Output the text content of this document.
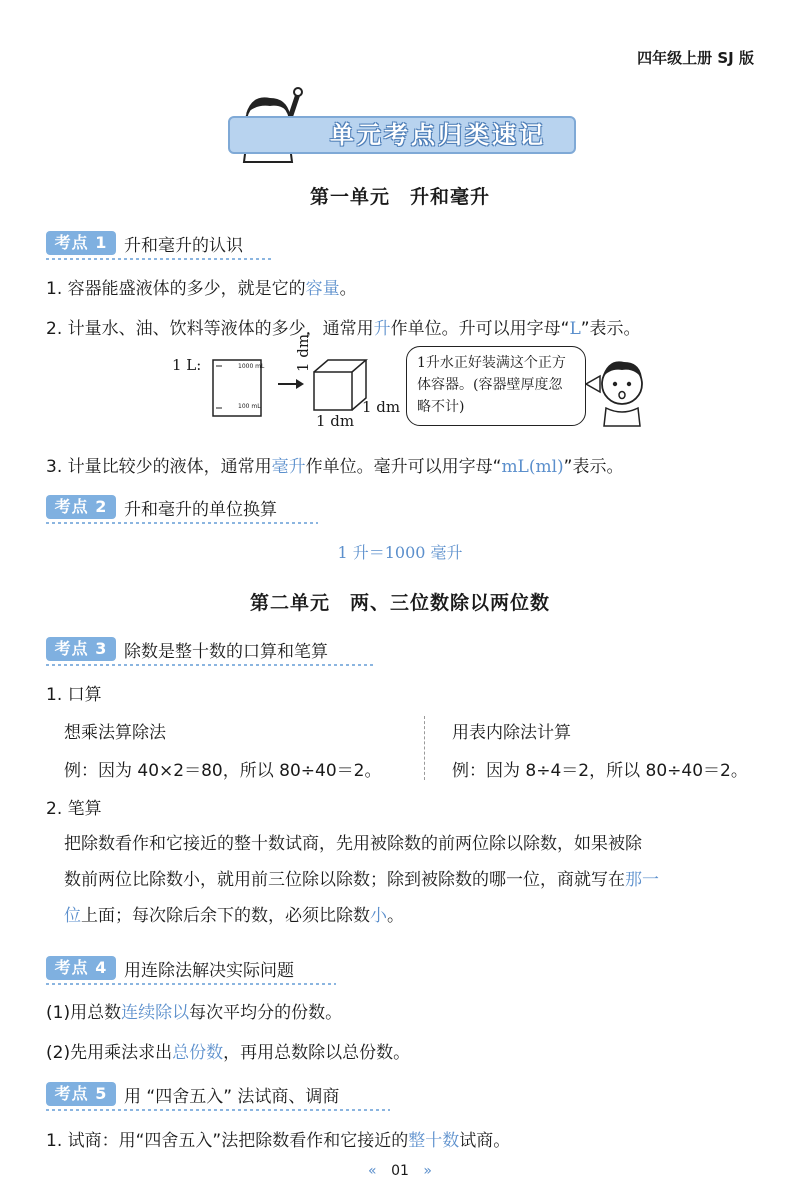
四年级上册 SJ 版
单元考点归类速记
第一单元　升和毫升
考点 1 升和毫升的认识
1. 容器能盛液体的多少，就是它的容量。
2. 计量水、油、饮料等液体的多少，通常用升作单位。升可以用字母“L”表示。
1 L:	1000 mL
100 mL
1 dm
1 dm
1 dm
1升水正好装满这个正方体容器。(容器壁厚度忽略不计)
3. 计量比较少的液体，通常用毫升作单位。毫升可以用字母“mL(ml)”表示。
考点 2 升和毫升的单位换算
1 升＝1000 毫升
第二单元　两、三位数除以两位数
考点 3 除数是整十数的口算和笔算
1. 口算
想乘法算除法
例：因为 40×2＝80，所以 80÷40＝2。
用表内除法计算
例：因为 8÷4＝2，所以 80÷40＝2。
2. 笔算
把除数看作和它接近的整十数试商，先用被除数的前两位除以除数，如果被除
数前两位比除数小，就用前三位除以除数；除到被除数的哪一位，商就写在那一
位上面；每次除后余下的数，必须比除数小。
考点 4 用连除法解决实际问题
(1)用总数连续除以每次平均分的份数。
(2)先用乘法求出总份数，再用总数除以总份数。
考点 5 用 “四舍五入” 法试商、调商
1. 试商：用“四舍五入”法把除数看作和它接近的整十数试商。
« 01 »
